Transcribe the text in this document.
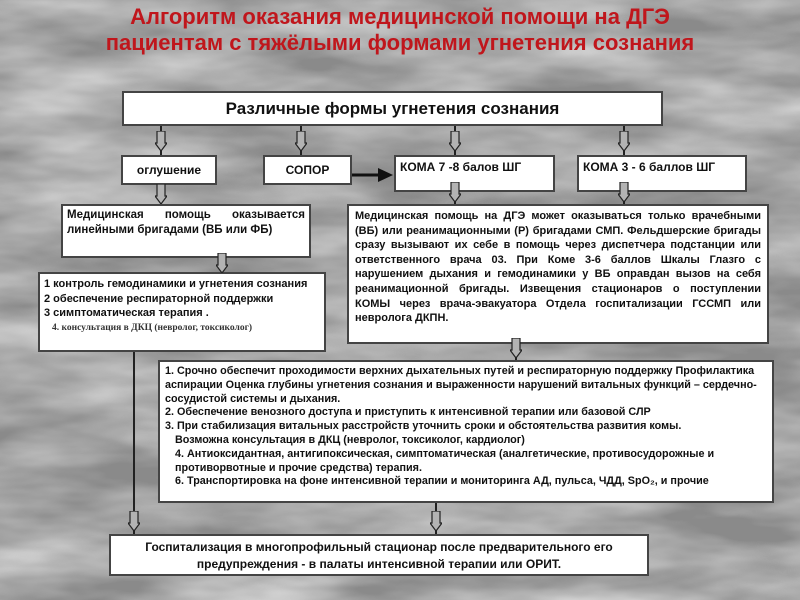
Алгоритм оказания медицинской помощи на ДГЭ
пациентам с тяжёлыми формами угнетения сознания
Различные формы угнетения сознания
оглушение	СОПОР	КОМА 7 -8 балов ШГ	КОМА 3 - 6 баллов ШГ
Медицинская помощь оказывается линейными бригадами (ВБ или ФБ)
1 контроль гемодинамики и угнетения сознания
2 обеспечение респираторной поддержки
3 симптоматическая терапия .
4. консультация в ДКЦ (невролог, токсиколог)
Медицинская помощь на ДГЭ может оказываться только врачебными (ВБ) или реанимационными (Р) бригадами СМП. Фельдшерские бригады сразу вызывают их себе в помощь через диспетчера подстанции или ответственного врача 03. При Коме 3-6 баллов Шкалы Глазго с нарушением дыхания и гемодинамики у ВБ оправдан вызов на себя реанимационной бригады. Извещения стационаров о поступлении КОМЫ через врача-эвакуатора Отдела госпитализации ГССМП или невролога ДКПН.
1. Срочно обеспечит проходимости верхних дыхательных путей и респираторную поддержку Профилактика аспирации Оценка глубины угнетения сознания и выраженности нарушений витальных функций – сердечно-сосудистой системы и дыхания.
2. Обеспечение венозного доступа и приступить к интенсивной терапии или базовой СЛР
3. При стабилизация витальных расстройств уточнить сроки и обстоятельства развития комы.
Возможна консультация в ДКЦ (невролог, токсиколог, кардиолог)
4. Антиоксидантная, антигипоксическая, симптоматическая (аналгетические, противосудорожные и противорвотные и прочие средства) терапия.
6. Транспортировка на фоне интенсивной терапии и мониторинга АД, пульса, ЧДД, SpO₂, и прочие
Госпитализация в многопрофильный стационар после предварительного его предупреждения - в палаты интенсивной терапии или ОРИТ.
